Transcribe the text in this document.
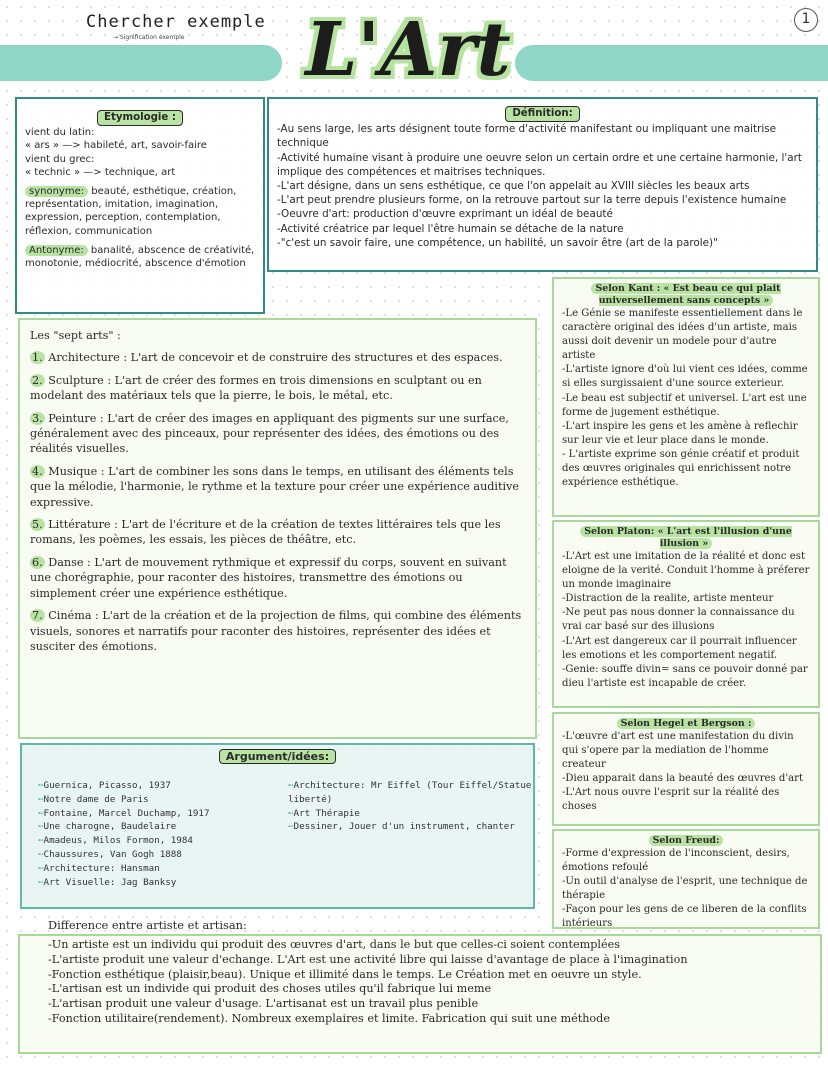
Chercher exemple
→ Signification exemple L'Art	1
Etymologie :

vient du latin:

« ars » —> habileté, art, savoir-faire

vient du grec:

« technic » —> technique, art

synonyme: beauté, esthétique, création, représentation, imitation, imagination, expression, perception, contemplation, réflexion, communication

Antonyme: banalité, abscence de créativité, monotonie, médiocrité, abscence d'émotion

Définition:

-Au sens large, les arts désignent toute forme d'activité manifestant ou impliquant une maitrise technique

-Activité humaine visant à produire une oeuvre selon un certain ordre et une certaine harmonie, l'art implique des compétences et maitrises techniques.

-L'art désigne, dans un sens esthétique, ce que l'on appelait au XVIII siècles les beaux arts

-L'art peut prendre plusieurs forme, on la retrouve partout sur la terre depuis l'existence humaine

-Oeuvre d'art: production d'œuvre exprimant un idéal de beauté

-Activité créatrice par lequel l'être humain se détache de la nature

-"c'est un savoir faire, une compétence, un habilité, un savoir être (art de la parole)"

Les "sept arts" :

1. Architecture : L'art de concevoir et de construire des structures et des espaces.

2. Sculpture : L'art de créer des formes en trois dimensions en sculptant ou en modelant des matériaux tels que la pierre, le bois, le métal, etc.

3. Peinture : L'art de créer des images en appliquant des pigments sur une surface, généralement avec des pinceaux, pour représenter des idées, des émotions ou des réalités visuelles.

4. Musique : L'art de combiner les sons dans le temps, en utilisant des éléments tels que la mélodie, l'harmonie, le rythme et la texture pour créer une expérience auditive expressive.

5. Littérature : L'art de l'écriture et de la création de textes littéraires tels que les romans, les poèmes, les essais, les pièces de théâtre, etc.

6. Danse : L'art de mouvement rythmique et expressif du corps, souvent en suivant une chorégraphie, pour raconter des histoires, transmettre des émotions ou simplement créer une expérience esthétique.

7. Cinéma : L'art de la création et de la projection de films, qui combine des éléments visuels, sonores et narratifs pour raconter des histoires, représenter des idées et susciter des émotions.

Argument/idées:
➻Guernica, Picasso, 1937
➻Notre dame de Paris
➻Fontaine, Marcel Duchamp, 1917
➻Une charogne, Baudelaire
➻Amadeus, Milos Formon, 1984
➻Chaussures, Van Gogh 1888
➻Architecture: Hansman
➻Art Visuelle: Jag Banksy
➻Architecture: Mr Eiffel (Tour Eiffel/Statue liberté)
➻Art Thérapie
➻Dessiner, Jouer d'un instrument, chanter
Selon Kant : « Est beau ce qui plait universellement sans concepts »

-Le Génie se manifeste essentiellement dans le caractère original des idées d'un artiste, mais aussi doit devenir un modele pour d'autre artiste

-L'artiste ignore d'où lui vient ces idées, comme si elles surgissaient d'une source exterieur.

-Le beau est subjectif et universel. L'art est une forme de jugement esthétique.

-L'art inspire les gens et les amène à reflechir sur leur vie et leur place dans le monde.

- L'artiste exprime son génie créatif et produit des œuvres originales qui enrichissent notre expérience esthétique.

Selon Platon: « L'art est l'illusion d'une illusion »

-L'Art est une imitation de la réalité et donc est eloigne de la verité. Conduit l'homme à préferer un monde imaginaire

-Distraction de la realite, artiste menteur

-Ne peut pas nous donner la connaissance du vrai car basé sur des illusions

-L'Art est dangereux car il pourrait influencer les emotions et les comportement negatif.

-Genie: souffe divin= sans ce pouvoir donné par dieu l'artiste est incapable de créer.

Selon Hegel et Bergson :

-L'œuvre d'art est une manifestation du divin qui s'opere par la mediation de l'homme createur

-Dieu apparait dans la beauté des œuvres d'art

-L'Art nous ouvre l'esprit sur la réalité des choses

Selon Freud:

-Forme d'expression de l'inconscient, desirs, émotions refoulé

-Un outil d'analyse de l'esprit, une technique de thérapie

-Façon pour les gens de ce liberen de la conflits intérieurs

Difference entre artiste et artisan:

-Un artiste est un individu qui produit des œuvres d'art, dans le but que celles-ci soient contemplées

-L'artiste produit une valeur d'echange. L'Art est une activité libre qui laisse d'avantage de place à l'imagination

-Fonction esthétique (plaisir,beau). Unique et illimité dans le temps. Le Création met en oeuvre un style.

-L'artisan est un individe qui produit des choses utiles qu'il fabrique lui meme

-L'artisan produit une valeur d'usage. L'artisanat est un travail plus penible

-Fonction utilitaire(rendement). Nombreux exemplaires et limite. Fabrication qui suit une méthode
